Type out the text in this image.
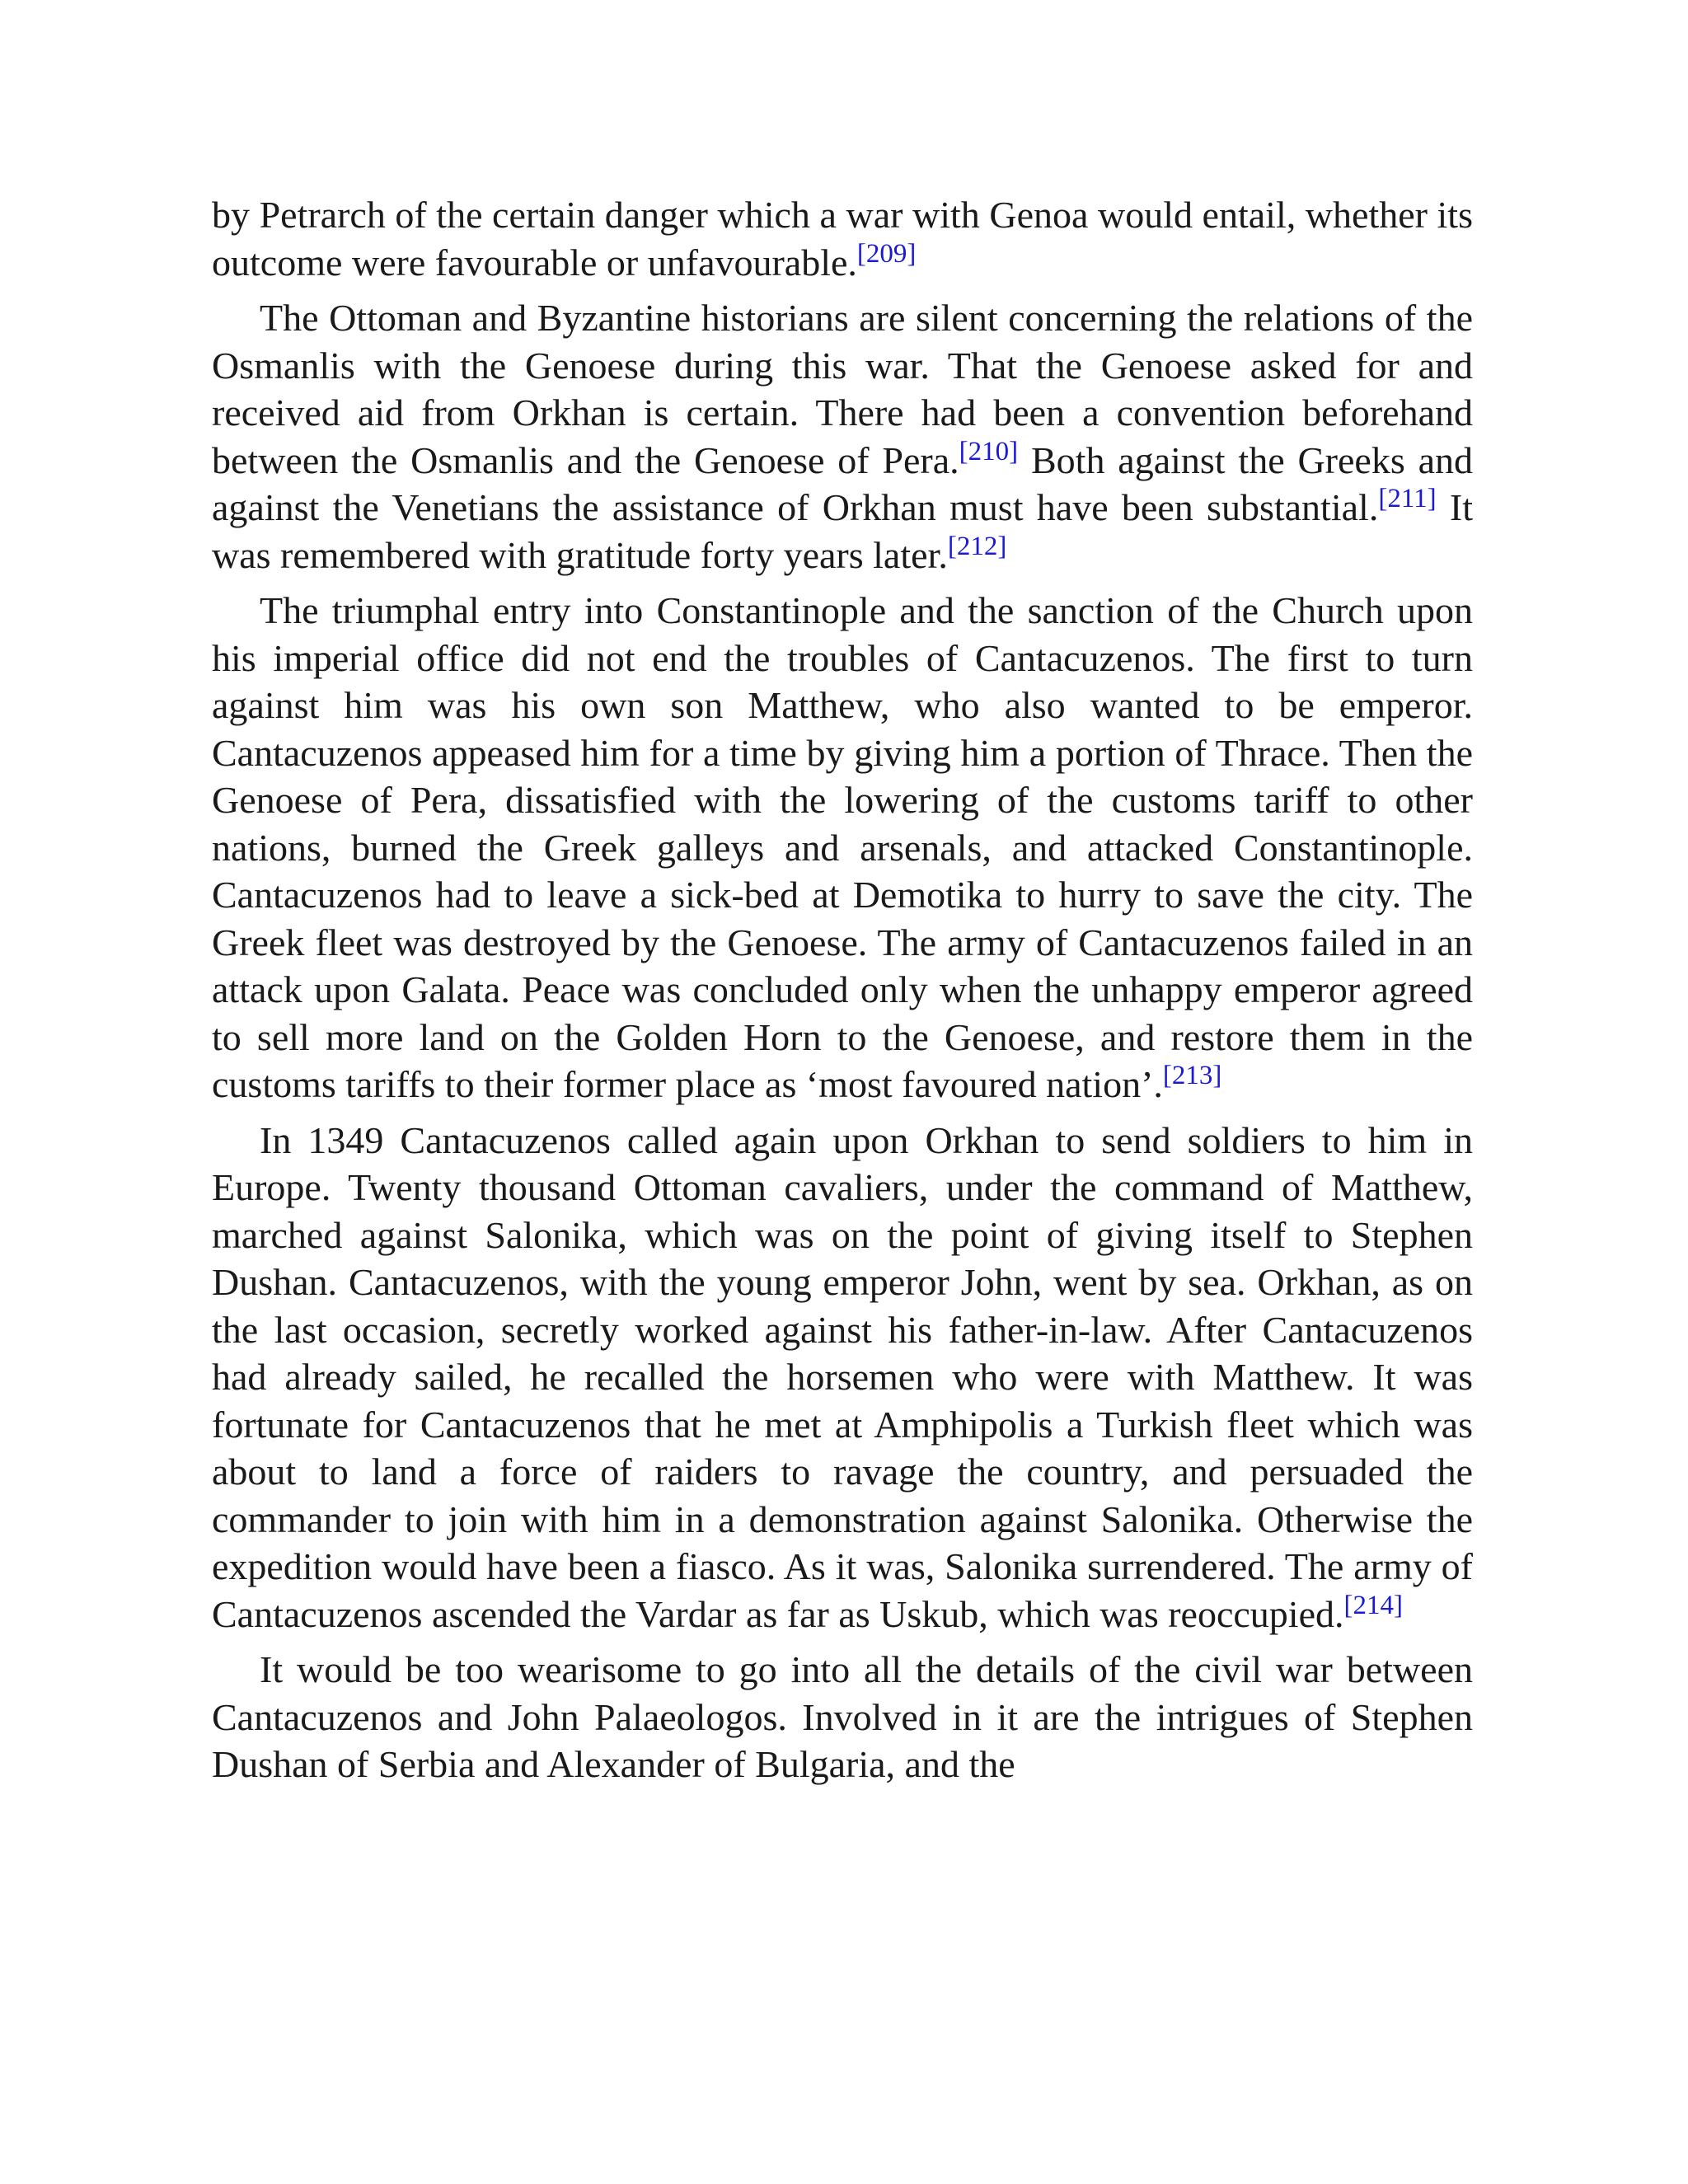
by Petrarch of the certain danger which a war with Genoa would entail, whether its outcome were favourable or unfavourable.[209]

The Ottoman and Byzantine historians are silent concerning the relations of the Osmanlis with the Genoese during this war. That the Genoese asked for and received aid from Orkhan is certain. There had been a convention beforehand between the Osmanlis and the Genoese of Pera.[210] Both against the Greeks and against the Venetians the assistance of Orkhan must have been substantial.[211] It was remembered with gratitude forty years later.[212]

The triumphal entry into Constantinople and the sanction of the Church upon his imperial office did not end the troubles of Cantacuzenos. The first to turn against him was his own son Matthew, who also wanted to be emperor. Cantacuzenos appeased him for a time by giving him a portion of Thrace. Then the Genoese of Pera, dissatisfied with the lowering of the customs tariff to other nations, burned the Greek galleys and arsenals, and attacked Constantinople. Cantacuzenos had to leave a sick-bed at Demotika to hurry to save the city. The Greek fleet was destroyed by the Genoese. The army of Cantacuzenos failed in an attack upon Galata. Peace was concluded only when the unhappy emperor agreed to sell more land on the Golden Horn to the Genoese, and restore them in the customs tariffs to their former place as ‘most favoured nation’.[213]

In 1349 Cantacuzenos called again upon Orkhan to send soldiers to him in Europe. Twenty thousand Ottoman cavaliers, under the command of Matthew, marched against Salonika, which was on the point of giving itself to Stephen Dushan. Cantacuzenos, with the young emperor John, went by sea. Orkhan, as on the last occasion, secretly worked against his father-in-law. After Cantacuzenos had already sailed, he recalled the horsemen who were with Matthew. It was fortunate for Cantacuzenos that he met at Amphipolis a Turkish fleet which was about to land a force of raiders to ravage the country, and persuaded the commander to join with him in a demonstration against Salonika. Otherwise the expedition would have been a fiasco. As it was, Salonika surrendered. The army of Cantacuzenos ascended the Vardar as far as Uskub, which was reoccupied.[214]

It would be too wearisome to go into all the details of the civil war between Cantacuzenos and John Palaeologos. Involved in it are the intrigues of Stephen Dushan of Serbia and Alexander of Bulgaria, and the
